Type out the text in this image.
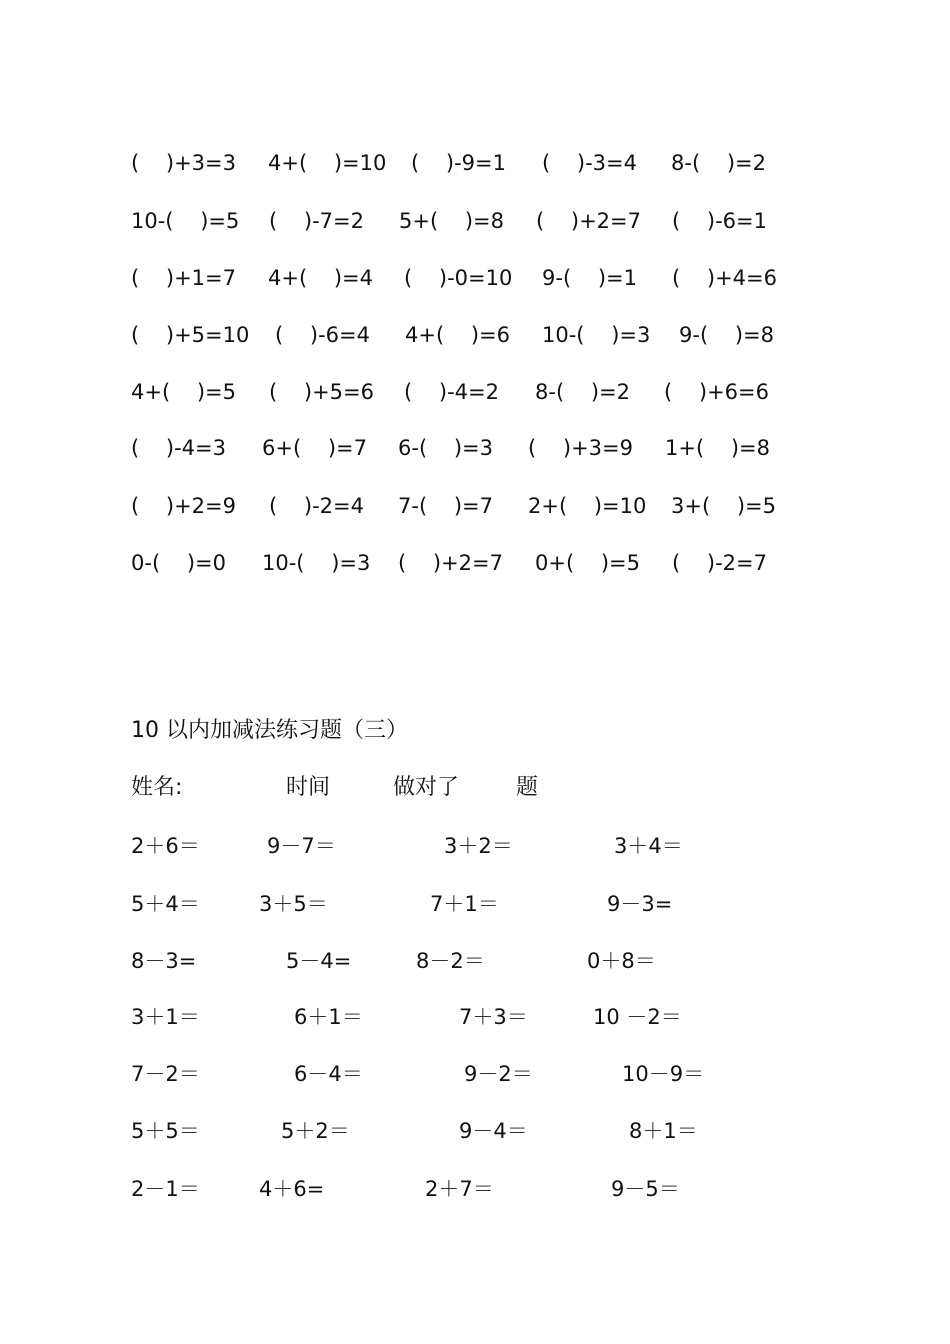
(    )+3=3 4+(    )=10 (    )-9=1 (    )-3=4 8-(    )=2
10-(    )=5 (    )-7=2 5+(    )=8 (    )+2=7 (    )-6=1
(    )+1=7 4+(    )=4 (    )-0=10 9-(    )=1 (    )+4=6
(    )+5=10 (    )-6=4 4+(    )=6 10-(    )=3 9-(    )=8
4+(    )=5 (    )+5=6 (    )-4=2 8-(    )=2 (    )+6=6
(    )-4=3 6+(    )=7 6-(    )=3 (    )+3=9 1+(    )=8
(    )+2=9 (    )-2=4 7-(    )=7 2+(    )=10 3+(    )=5
0-(    )=0 10-(    )=3 (    )+2=7 0+(    )=5 (    )-2=7
10 以内加减法练习题（三）
姓名:	时间	做对了	题
2＋6＝	9－7＝	3＋2＝	3＋4＝
5＋4＝	3＋5＝	7＋1＝	9－3=
8－3=	5－4=	8－2＝	0＋8＝
3＋1＝	6＋1＝	7＋3＝	10 －2＝
7－2＝	6－4＝	9－2＝	10－9＝
5＋5＝	5＋2＝	9－4＝	8＋1＝
2－1＝	4＋6=	2＋7＝	9－5＝
